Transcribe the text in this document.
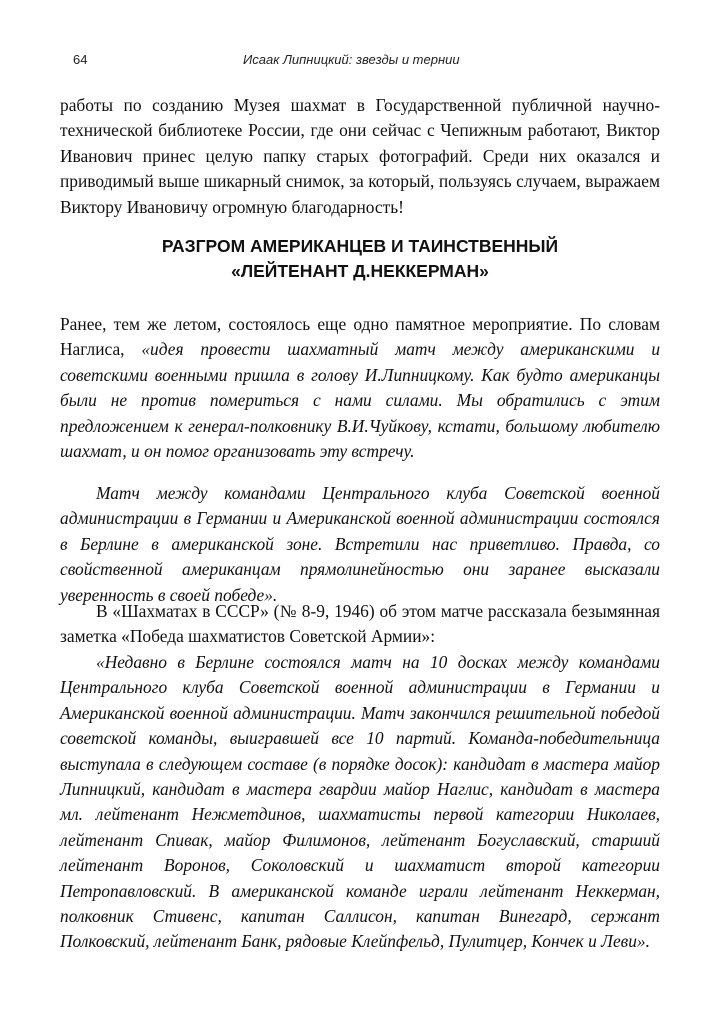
64	Исаак Липницкий: звезды и тернии

работы по созданию Музея шахмат в Государственной публичной научно-технической библиотеке России, где они сейчас с Чепижным работают, Виктор Иванович принес целую папку старых фотографий. Среди них оказался и приводимый выше шикарный снимок, за который, пользуясь случаем, выражаем Виктору Ивановичу огромную благодарность!

РАЗГРОМ АМЕРИКАНЦЕВ И ТАИНСТВЕННЫЙ
«ЛЕЙТЕНАНТ Д.НЕККЕРМАН»

Ранее, тем же летом, состоялось еще одно памятное мероприятие. По словам Наглиса, «идея провести шахматный матч между американскими и советскими военными пришла в голову И.Липницкому. Как будто американцы были не против помериться с нами силами. Мы обратились с этим предложением к генерал-полковнику В.И.Чуйкову, кстати, большому любителю шахмат, и он помог организовать эту встречу.

Матч между командами Центрального клуба Советской военной администрации в Германии и Американской военной администрации состоялся в Берлине в американской зоне. Встретили нас приветливо. Правда, со свойственной американцам прямолинейностью они заранее высказали уверенность в своей победе».

В «Шахматах в СССР» (№ 8-9, 1946) об этом матче рассказала безымянная заметка «Победа шахматистов Советской Армии»:

«Недавно в Берлине состоялся матч на 10 досках между командами Центрального клуба Советской военной администрации в Германии и Американской военной администрации. Матч закончился решительной победой советской команды, выигравшей все 10 партий. Команда-победительница выступала в следующем составе (в порядке досок): кандидат в мастера майор Липницкий, кандидат в мастера гвардии майор Наглис, кандидат в мастера мл. лейтенант Нежметдинов, шахматисты первой категории Николаев, лейтенант Спивак, майор Филимонов, лейтенант Богуславский, старший лейтенант Воронов, Соколовский и шахматист второй категории Петропавловский. В американской команде играли лейтенант Неккерман, полковник Стивенс, капитан Саллисон, капитан Винегард, сержант Полковский, лейтенант Банк, рядовые Клейпфельд, Пулитцер, Кончек и Леви».
